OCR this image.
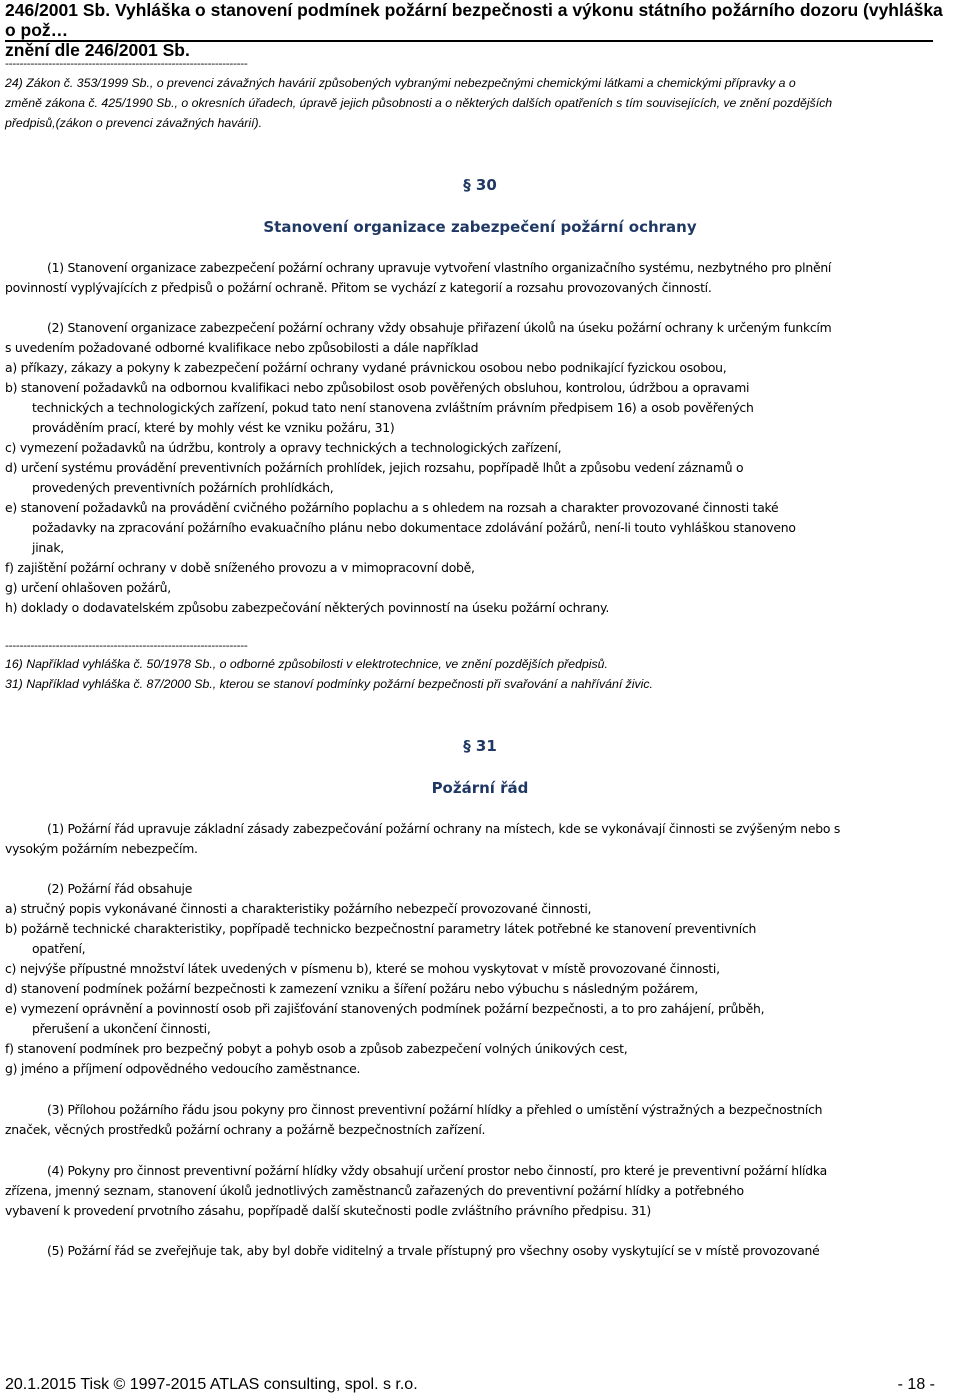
246/2001 Sb. Vyhláška o stanovení podmínek požární bezpečnosti a výkonu státního požárního dozoru (vyhláška o pož…
znění dle 246/2001 Sb.
-------------------------------------------------------------------
24) Zákon č. 353/1999 Sb., o prevenci závažných havárií způsobených vybranými nebezpečnými chemickými látkami a chemickými přípravky a o
změně zákona č. 425/1990 Sb., o okresních úřadech, úpravě jejich působnosti a o některých dalších opatřeních s tím souvisejících, ve znění pozdějších
předpisů,(zákon o prevenci závažných havárií).
§ 30
Stanovení organizace zabezpečení požární ochrany
(1) Stanovení organizace zabezpečení požární ochrany upravuje vytvoření vlastního organizačního systému, nezbytného pro plnění
povinností vyplývajících z předpisů o požární ochraně. Přitom se vychází z kategorií a rozsahu provozovaných činností.
(2) Stanovení organizace zabezpečení požární ochrany vždy obsahuje přiřazení úkolů na úseku požární ochrany k určeným funkcím
s uvedením požadované odborné kvalifikace nebo způsobilosti a dále například
a) příkazy, zákazy a pokyny k zabezpečení požární ochrany vydané právnickou osobou nebo podnikající fyzickou osobou,
b) stanovení požadavků na odbornou kvalifikaci nebo způsobilost osob pověřených obsluhou, kontrolou, údržbou a opravami
technických a technologických zařízení, pokud tato není stanovena zvláštním právním předpisem 16) a osob pověřených
prováděním prací, které by mohly vést ke vzniku požáru, 31)
c) vymezení požadavků na údržbu, kontroly a opravy technických a technologických zařízení,
d) určení systému provádění preventivních požárních prohlídek, jejich rozsahu, popřípadě lhůt a způsobu vedení záznamů o
provedených preventivních požárních prohlídkách,
e) stanovení požadavků na provádění cvičného požárního poplachu a s ohledem na rozsah a charakter provozované činnosti také
požadavky na zpracování požárního evakuačního plánu nebo dokumentace zdolávání požárů, není-li touto vyhláškou stanoveno
jinak,
f) zajištění požární ochrany v době sníženého provozu a v mimopracovní době,
g) určení ohlašoven požárů,
h) doklady o dodavatelském způsobu zabezpečování některých povinností na úseku požární ochrany.
-------------------------------------------------------------------
16) Například vyhláška č. 50/1978 Sb., o odborné způsobilosti v elektrotechnice, ve znění pozdějších předpisů.
31) Například vyhláška č. 87/2000 Sb., kterou se stanoví podmínky požární bezpečnosti při svařování a nahřívání živic.
§ 31
Požární řád
(1) Požární řád upravuje základní zásady zabezpečování požární ochrany na místech, kde se vykonávají činnosti se zvýšeným nebo s
vysokým požárním nebezpečím.
(2) Požární řád obsahuje
a) stručný popis vykonávané činnosti a charakteristiky požárního nebezpečí provozované činnosti,
b) požárně technické charakteristiky, popřípadě technicko bezpečnostní parametry látek potřebné ke stanovení preventivních
opatření,
c) nejvýše přípustné množství látek uvedených v písmenu b), které se mohou vyskytovat v místě provozované činnosti,
d) stanovení podmínek požární bezpečnosti k zamezení vzniku a šíření požáru nebo výbuchu s následným požárem,
e) vymezení oprávnění a povinností osob při zajišťování stanovených podmínek požární bezpečnosti, a to pro zahájení, průběh,
přerušení a ukončení činnosti,
f) stanovení podmínek pro bezpečný pobyt a pohyb osob a způsob zabezpečení volných únikových cest,
g) jméno a příjmení odpovědného vedoucího zaměstnance.
(3) Přílohou požárního řádu jsou pokyny pro činnost preventivní požární hlídky a přehled o umístění výstražných a bezpečnostních
značek, věcných prostředků požární ochrany a požárně bezpečnostních zařízení.
(4) Pokyny pro činnost preventivní požární hlídky vždy obsahují určení prostor nebo činností, pro které je preventivní požární hlídka
zřízena, jmenný seznam, stanovení úkolů jednotlivých zaměstnanců zařazených do preventivní požární hlídky a potřebného
vybavení k provedení prvotního zásahu, popřípadě další skutečnosti podle zvláštního právního předpisu. 31)
(5) Požární řád se zveřejňuje tak, aby byl dobře viditelný a trvale přístupný pro všechny osoby vyskytující se v místě provozované
20.1.2015 Tisk © 1997-2015 ATLAS consulting, spol. s r.o.	- 18 -
